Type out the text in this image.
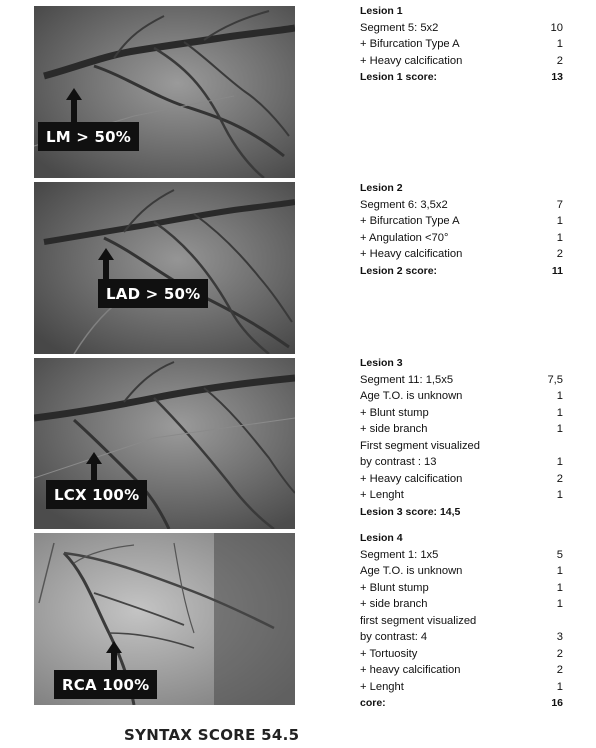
LM > 50%
LAD > 50%
LCX 100%
RCA 100%
Lesion 1
Segment 5: 5x2	10
+ Bifurcation Type A	1
+ Heavy calcification	2
Lesion 1 score:	13
Lesion 2
Segment 6: 3,5x2	7
+ Bifurcation Type A	1
+ Angulation <70°	1
+ Heavy calcification	2
Lesion 2 score:	11
Lesion 3
Segment 11: 1,5x5	7,5
Age T.O. is unknown	1
+ Blunt stump	1
+ side branch	1
First segment visualized
by contrast : 13	1
+ Heavy calcification	2
+ Lenght	1
Lesion 3 score: 14,5
Lesion 4
Segment 1: 1x5	5
Age T.O. is unknown	1
+ Blunt stump	1
+ side branch	1
first segment visualized
by contrast: 4	3
+ Tortuosity	2
+ heavy calcification	2
+ Lenght	1
core:	16
SYNTAX SCORE 54.5
